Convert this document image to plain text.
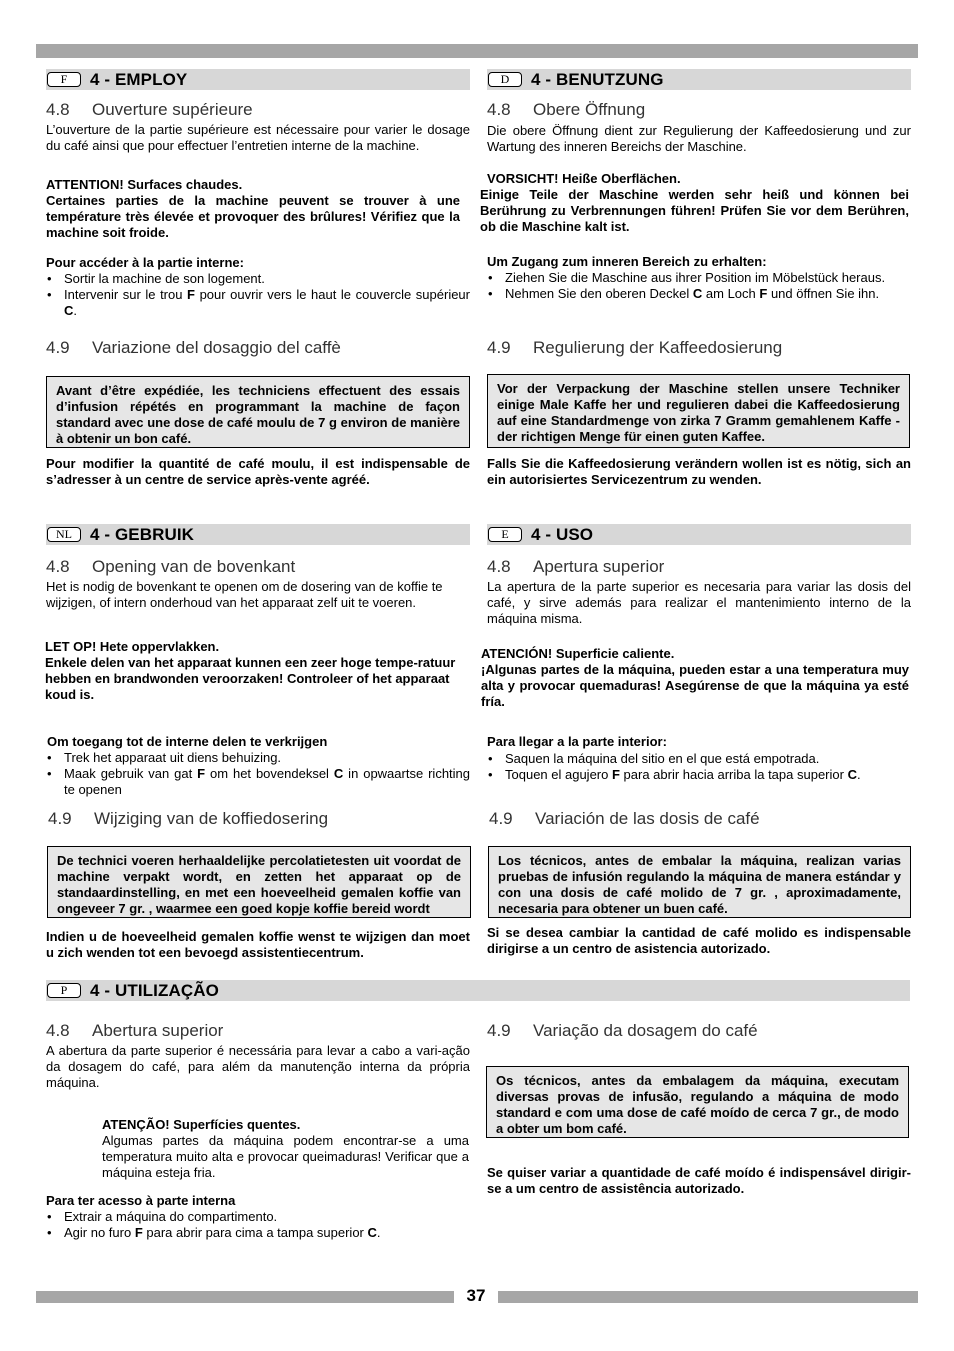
F	4 - EMPLOY
4.8 Ouverture supérieure

L’ouverture de la partie supérieure est nécessaire pour varier le dosage du café ainsi que pour effectuer l’entretien interne de la machine.

ATTENTION! Surfaces chaudes.

Certaines parties de la machine peuvent se trouver à une température très élevée et provoquer des brûlures! Vérifiez que la machine soit froide.

Pour accéder à la partie interne:

• Sortir la machine de son logement.
• Intervenir sur le trou F pour ouvrir vers le haut le couvercle supérieur C.
4.9 Variazione del dosaggio del caffè
Avant d’être expédiée, les techniciens effectuent des essais d’infusion répétés en programmant la machine de façon standard avec une dose de café moulu de 7 g environ de manière à obtenir un bon café.

Pour modifier la quantité de café moulu, il est indispensable de s’adresser à un centre de service après-vente agréé.

D	4 - BENUTZUNG
4.8 Obere Öffnung

Die obere Öffnung dient zur Regulierung der Kaffeedosierung und zur Wartung des inneren Bereichs der Maschine.

VORSICHT! Heiße Oberflächen.

Einige Teile der Maschine werden sehr heiß und können bei Berührung zu Verbrennungen führen! Prüfen Sie vor dem Berühren, ob die Maschine kalt ist.

Um Zugang zum inneren Bereich zu erhalten:

• Ziehen Sie die Maschine aus ihrer Position im Möbelstück heraus.
• Nehmen Sie den oberen Deckel C am Loch F und öffnen Sie ihn.
4.9 Regulierung der Kaffeedosierung
Vor der Verpackung der Maschine stellen unsere Techniker einige Male Kaffe her und regulieren dabei die Kaffeedosierung auf eine Standardmenge von zirka 7 Gramm gemahlenem Kaffe - der richtigen Menge für einen guten Kaffee.

Falls Sie die Kaffeedosierung verändern wollen ist es nötig, sich an ein autorisiertes Servicezentrum zu wenden.

NL	4 - GEBRUIK
4.8 Opening van de bovenkant

Het is nodig de bovenkant te openen om de dosering van de koffie te wijzigen, of intern onderhoud van het apparaat zelf uit te voeren.

LET OP! Hete oppervlakken.

Enkele delen van het apparaat kunnen een zeer hoge tempe-ratuur hebben en brandwonden veroorzaken! Controleer of het apparaat koud is.

Om toegang tot de interne delen te verkrijgen

• Trek het apparaat uit diens behuizing.
• Maak gebruik van gat F om het bovendeksel C in opwaartse richting te openen
4.9 Wijziging van de koffiedosering
De technici voeren herhaaldelijke percolatietesten uit voordat de machine verpakt wordt, en zetten het apparaat op de standaardinstelling, en met een hoeveelheid gemalen koffie van ongeveer 7 gr. , waarmee een goed kopje koffie bereid wordt

Indien u de hoeveelheid gemalen koffie wenst te wijzigen dan moet u zich wenden tot een bevoegd assistentiecentrum.

E	4 - USO
4.8 Apertura superior

La apertura de la parte superior es necesaria para variar las dosis del café, y sirve además para realizar el mantenimiento interno de la máquina misma.

ATENCIÓN! Superficie caliente.

¡Algunas partes de la máquina, pueden estar a una temperatura muy alta y provocar quemaduras! Asegúrense de que la máquina ya esté fría.

Para llegar a la parte interior:

• Saquen la máquina del sitio en el que está empotrada.
• Toquen el agujero F para abrir hacia arriba la tapa superior C.
4.9 Variación de las dosis de café
Los técnicos, antes de embalar la máquina, realizan varias pruebas de infusión regulando la máquina de manera estándar y con una dosis de café molido de 7 gr. , aproximadamente, necesaria para obtener un buen café.

Si se desea cambiar la cantidad de café molido es indispensable dirigirse a un centro de asistencia autorizado.

P	4 - UTILIZAÇÃO
4.8 Abertura superior

A abertura da parte superior é necessária para levar a cabo a vari-ação da dosagem do café, para além da manutenção interna da própria máquina.

ATENÇÃO! Superfícies quentes.

Algumas partes da máquina podem encontrar-se a uma temperatura muito alta e provocar queimaduras! Verificar que a máquina esteja fria.

Para ter acesso à parte interna

• Extrair a máquina do compartimento.
• Agir no furo F para abrir para cima a tampa superior C.
4.9 Variação da dosagem do café
Os técnicos, antes da embalagem da máquina, executam diversas provas de infusão, regulando a máquina de modo standard e com uma dose de café moído de cerca 7 gr., de modo a obter um bom café.

Se quiser variar a quantidade de café moído é indispensável dirigir-se a um centro de assistência autorizado.

37
